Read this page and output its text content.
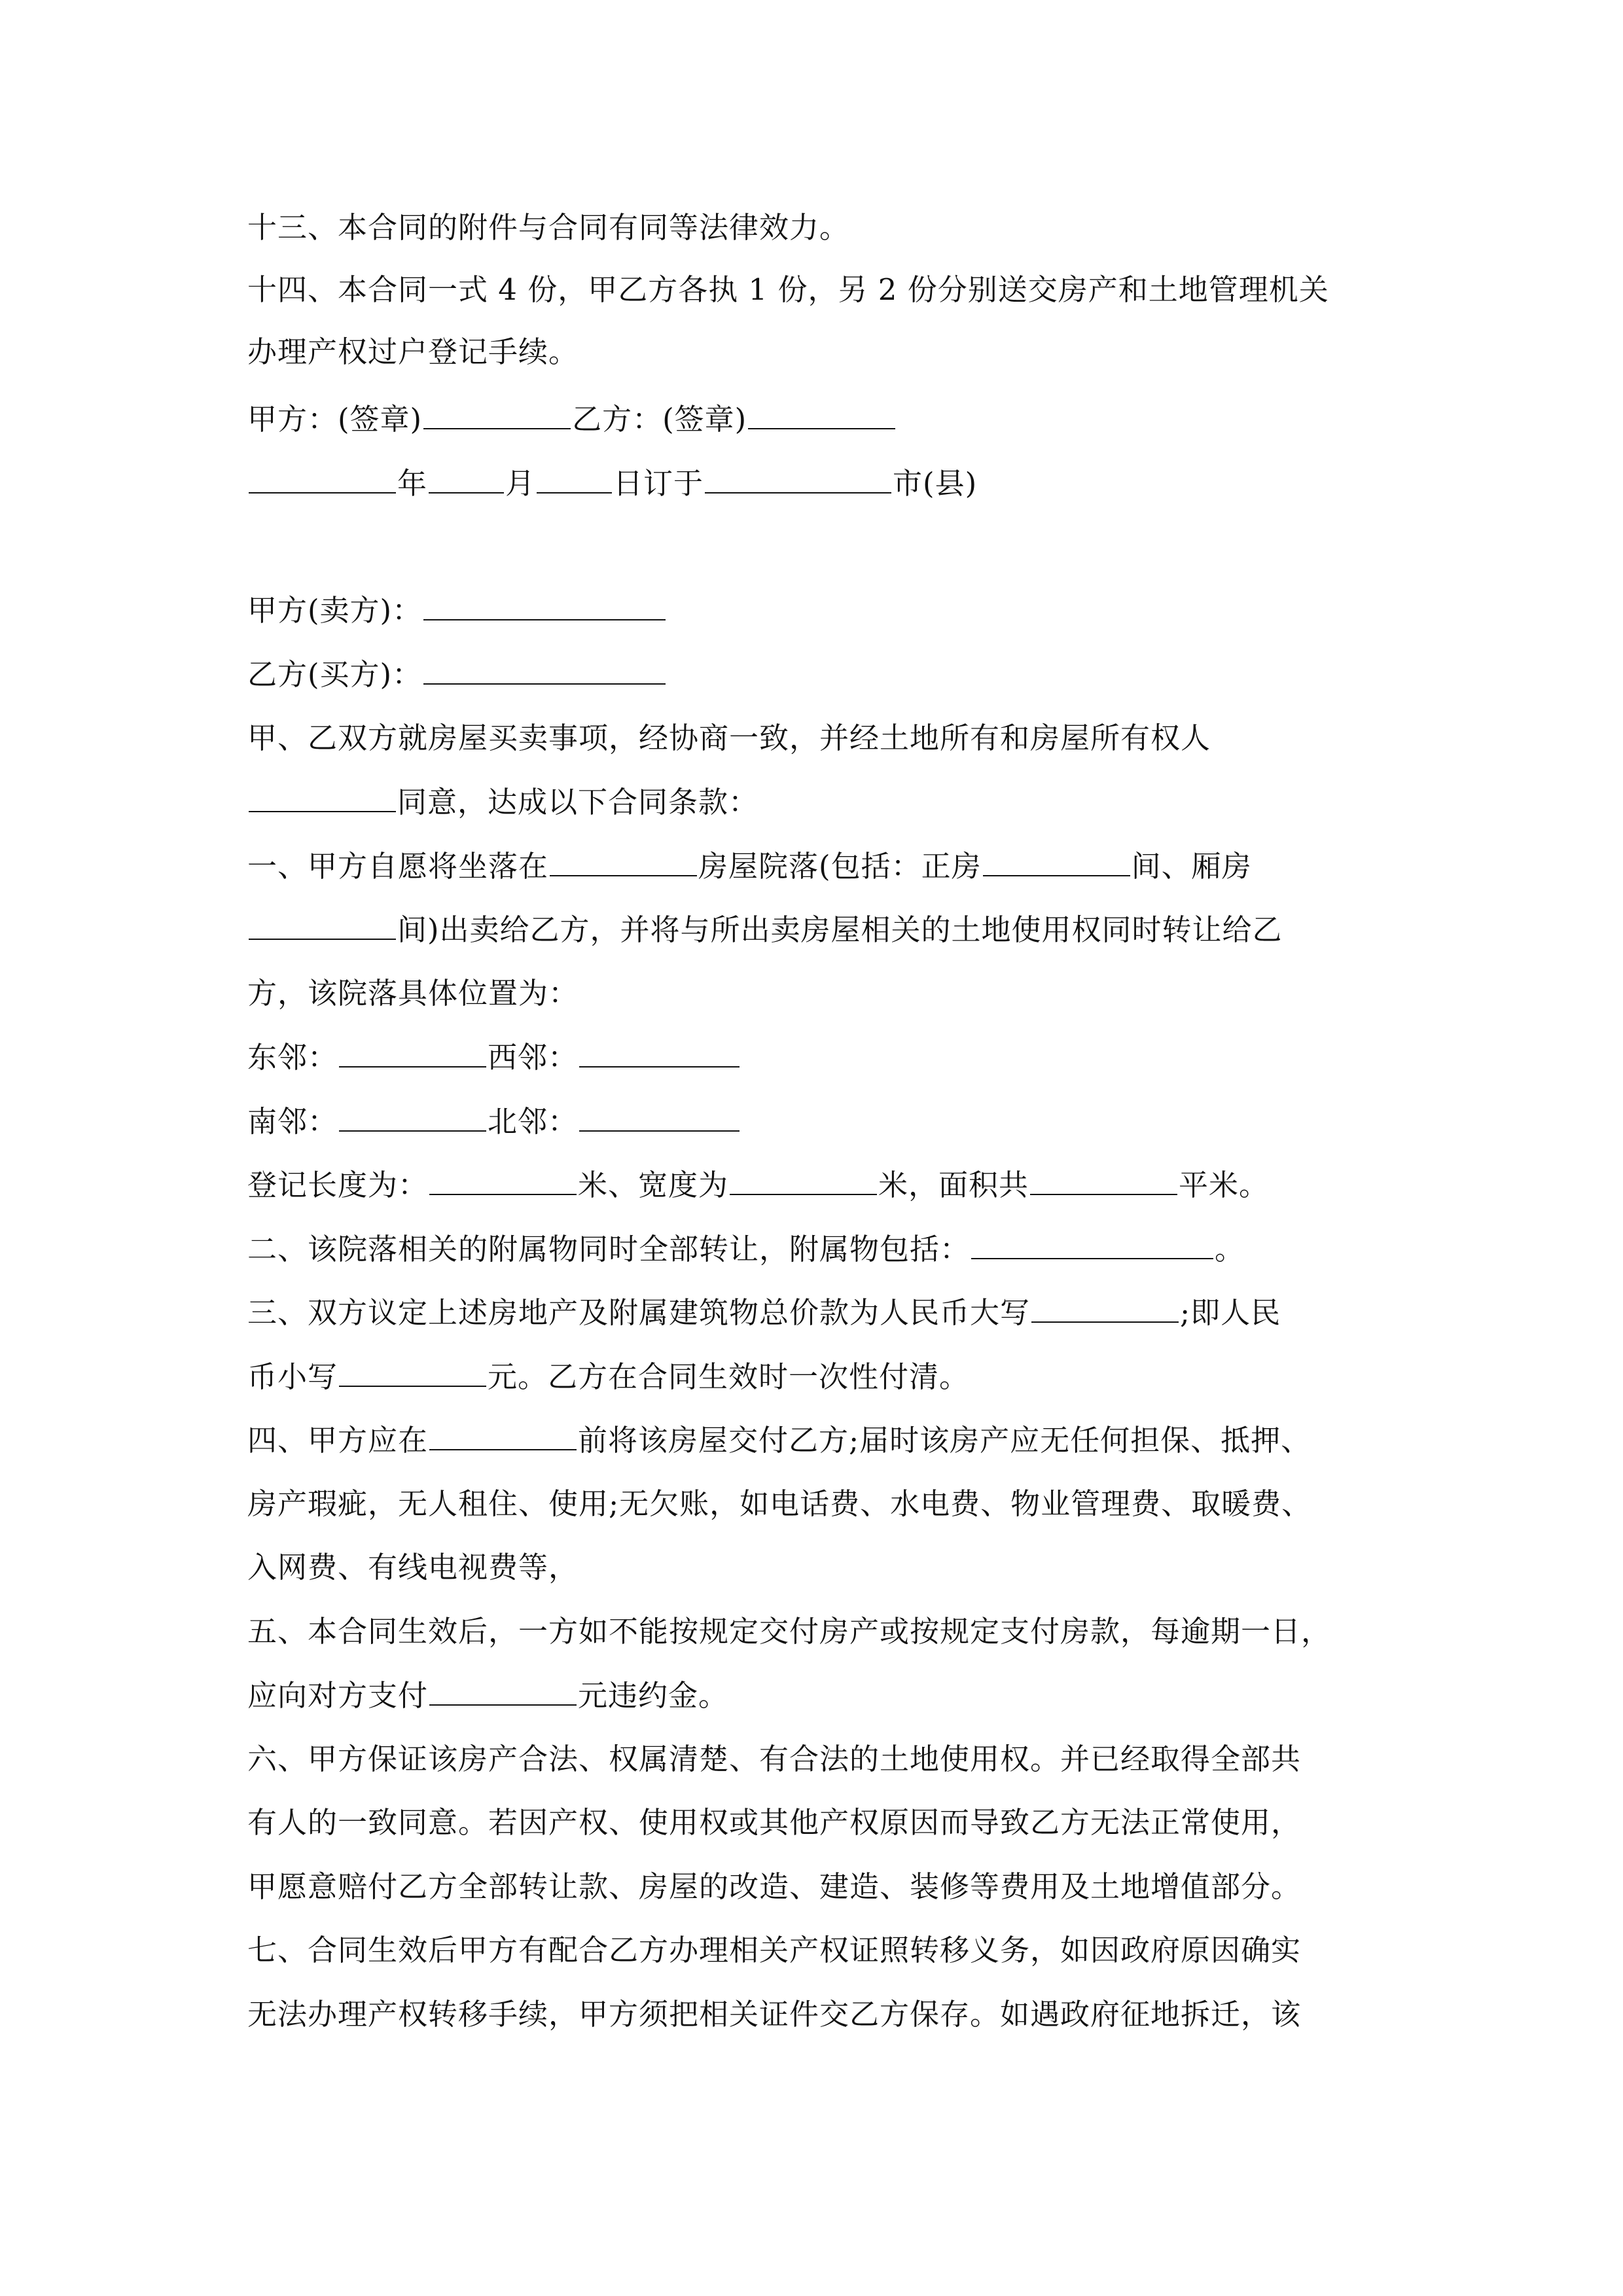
十三、本合同的附件与合同有同等法律效力。
十四、本合同一式 4 份，甲乙方各执 1 份，另 2 份分别送交房产和土地管理机关
办理产权过户登记手续。
甲方：(签章)	乙方：(签章)
年	月	日订于	市(县)
甲方(卖方)：
乙方(买方)：
甲、乙双方就房屋买卖事项，经协商一致，并经土地所有和房屋所有权人
同意，达成以下合同条款：
一、甲方自愿将坐落在	房屋院落(包括：正房	间、厢房
间)出卖给乙方，并将与所出卖房屋相关的土地使用权同时转让给乙
方，该院落具体位置为：
东邻：	西邻：
南邻：	北邻：
登记长度为：	米、宽度为	米，面积共	平米。
二、该院落相关的附属物同时全部转让，附属物包括：	。
三、双方议定上述房地产及附属建筑物总价款为人民币大写	;即人民
币小写	元。乙方在合同生效时一次性付清。
四、甲方应在	前将该房屋交付乙方;届时该房产应无任何担保、抵押、
房产瑕疵，无人租住、使用;无欠账，如电话费、水电费、物业管理费、取暖费、
入网费、有线电视费等，
五、本合同生效后，一方如不能按规定交付房产或按规定支付房款，每逾期一日，
应向对方支付	元违约金。
六、甲方保证该房产合法、权属清楚、有合法的土地使用权。并已经取得全部共
有人的一致同意。若因产权、使用权或其他产权原因而导致乙方无法正常使用，
甲愿意赔付乙方全部转让款、房屋的改造、建造、装修等费用及土地增值部分。
七、合同生效后甲方有配合乙方办理相关产权证照转移义务，如因政府原因确实
无法办理产权转移手续，甲方须把相关证件交乙方保存。如遇政府征地拆迁，该
